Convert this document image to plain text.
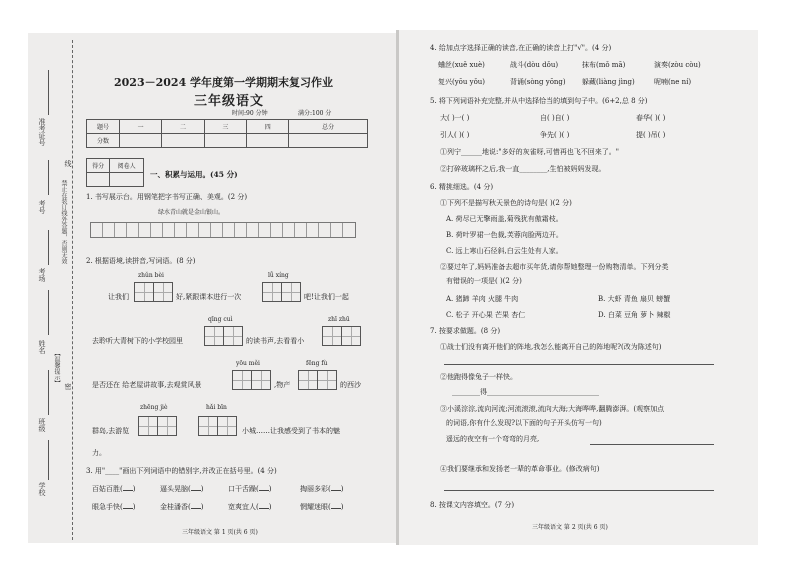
准考证号
考号
考场
姓名
班级
学校
线
密
【温馨提示】
禁止在装订线外答题，否则无效
2023－2024 学年度第一学期期末复习作业
三年级语文
时间:90 分钟	满分:100 分
题号	一	二	三	四	总分
分数					
得分	阅卷人

一、积累与运用。(45 分)
1. 书写展示台。用钢笔把字书写正确、美观。(2 分)
绿水青山就是金山银山。
2. 根据语境,读拼音,写词语。(8 分)
zhǔn bèi	lǚ xíng
让我们	好,紧跟课本进行一次	吧!让我们一起
qīng cuì	zhī zhū
去聆听大青树下的小学校园里	的读书声,去看看小
yōu měi	fēng fù
是否还在 给老屋讲故事,去观赏风景	,物产	的西沙
zhēng jiè	hǎi bīn
群岛,去游览	小城……让我感受到了书本的魅
力。
3. 用"____"画出下列词语中的错别字,并改正在括号里。(4 分)
百姑百胜( )	逼头晃脑( )	口干舌躁( )	掏丽多彩( )
眼急手快( )	金桂潘香( )	宽爽宜人( )	惘耀迷眼( )
三年级语文 第 1 页(共 6 页)
4. 给加点字选择正确的读音,在正确的读音上打"√"。(4 分)
蛐丝(xuě xuè)	战斗(dòu dǒu)	抹布(mǒ mā)	演奏(zòu còu)
复兴(yōu yǒu)	背诵(sòng yōng) 躲藏(liàng jìng)	呢喃(ne ní)
5. 将下列词语补充完整,并从中选择恰当的填到句子中。(6+2,总 8 分)
大( )一( )	自( )自( )	春华( )( )
引人( )( )	争先( )( )	提( )吊( )
①列宁______地说:"多好的灰雀呀,可惜再也飞不回来了。"
②打碎玻璃杯之后,我一直________,生怕被妈妈发现。
6. 精挑细选。(4 分)
①下列不是描写秋天景色的诗句是( )(2 分)
A. 荷尽已无擎雨盖,菊残犹有傲霜枝。
B. 荷叶罗裙一色裁,芙蓉向脸两边开。
C. 远上寒山石径斜,白云生处有人家。
②要过年了,妈妈准备去超市买年货,请你帮她整理一份购物清单。下列分类
有错误的一项是( )(2 分)
A. 猪蹄 羊肉 火腿 牛肉	B. 大虾 青鱼 扇贝 螃蟹
C. 松子 开心果 芒果 杏仁	D. 白菜 豆角 萝卜 辣椒
7. 按要求做题。(8 分)
①战士们没有离开他们的阵地,我怎么能离开自己的阵地呢?(改为陈述句)
②他跑得像兔子一样快。
________得________________________________
③小溪淙淙,流向河流;河流滚滚,流向大海;大海哗哗,翻腾澎湃。(观察加点
的词语,你有什么发现?以下面的句子开头仿写一句)
遥远的夜空有一个弯弯的月亮,
④我们要继承和发扬老一辈的革命事业。(修改病句)
8. 按课文内容填空。(7 分)
三年级语文 第 2 页(共 6 页)
